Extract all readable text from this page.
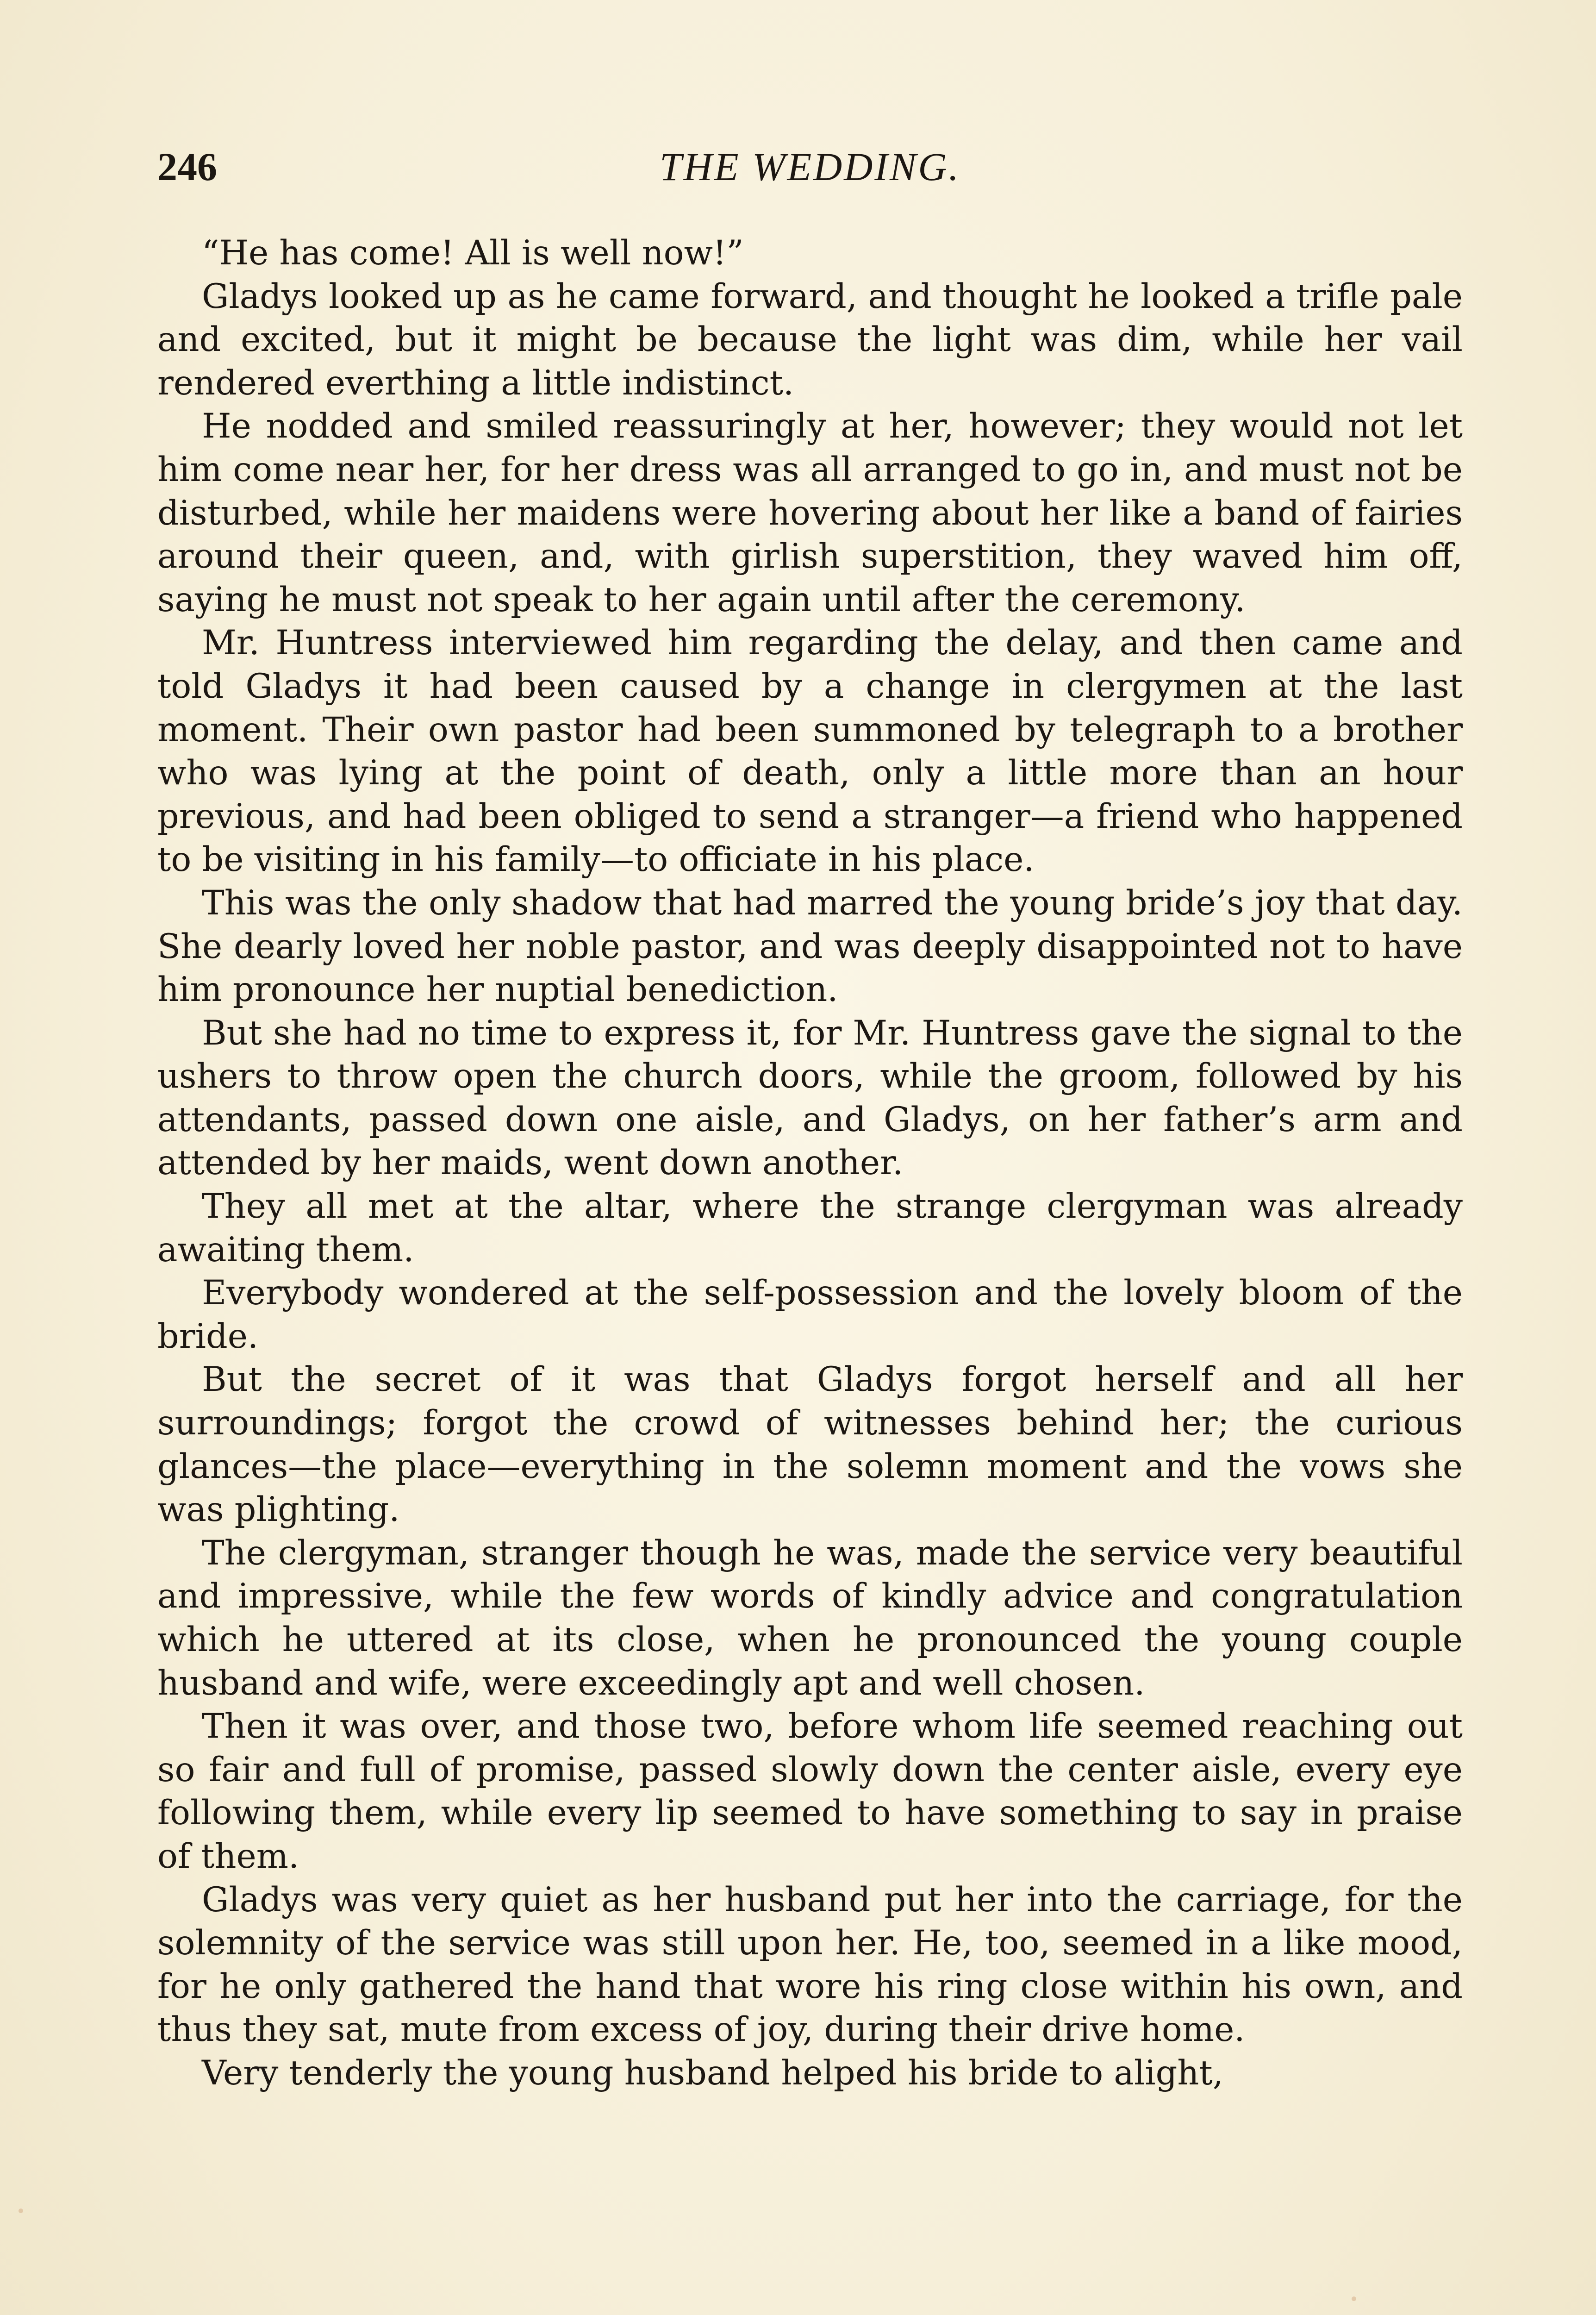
246	THE WEDDING.

“He has come! All is well now!”

Gladys looked up as he came forward, and thought he looked a trifle pale and excited, but it might be because the light was dim, while her vail rendered everthing a little indistinct.

He nodded and smiled reassuringly at her, however; they would not let him come near her, for her dress was all arranged to go in, and must not be disturbed, while her maidens were hovering about her like a band of fairies around their queen, and, with girlish superstition, they waved him off, saying he must not speak to her again until after the ceremony.

Mr. Huntress interviewed him regarding the delay, and then came and told Gladys it had been caused by a change in clergymen at the last moment. Their own pastor had been summoned by telegraph to a brother who was lying at the point of death, only a little more than an hour previous, and had been obliged to send a stranger—a friend who happened to be visiting in his family—to officiate in his place.

This was the only shadow that had marred the young bride’s joy that day. She dearly loved her noble pastor, and was deeply disappointed not to have him pronounce her nuptial benediction.

But she had no time to express it, for Mr. Huntress gave the signal to the ushers to throw open the church doors, while the groom, followed by his attendants, passed down one aisle, and Gladys, on her father’s arm and attended by her maids, went down another.

They all met at the altar, where the strange clergyman was already awaiting them.

Everybody wondered at the self-possession and the lovely bloom of the bride.

But the secret of it was that Gladys forgot herself and all her surroundings; forgot the crowd of witnesses behind her; the curious glances—the place—everything in the solemn moment and the vows she was plighting.

The clergyman, stranger though he was, made the service very beautiful and impressive, while the few words of kindly advice and congratulation which he uttered at its close, when he pronounced the young couple husband and wife, were exceedingly apt and well chosen.

Then it was over, and those two, before whom life seemed reaching out so fair and full of promise, passed slowly down the center aisle, every eye following them, while every lip seemed to have something to say in praise of them.

Gladys was very quiet as her husband put her into the carriage, for the solemnity of the service was still upon her. He, too, seemed in a like mood, for he only gathered the hand that wore his ring close within his own, and thus they sat, mute from excess of joy, during their drive home.

Very tenderly the young husband helped his bride to alight,
